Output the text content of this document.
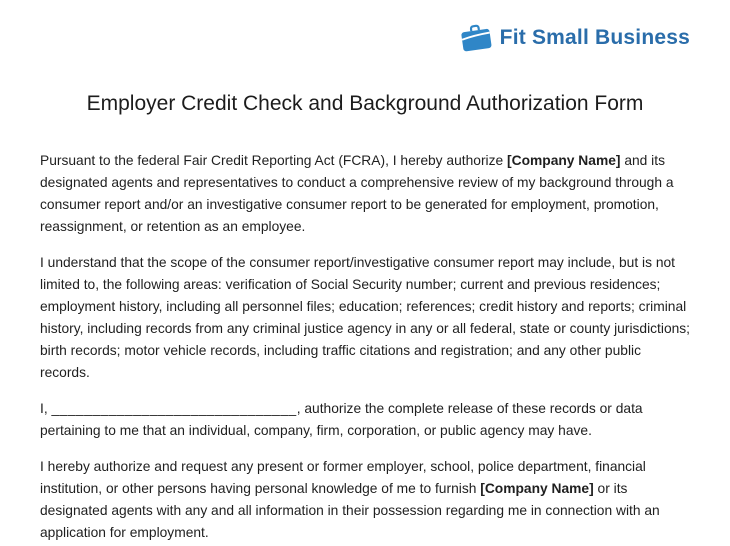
Fit Small Business
Employer Credit Check and Background Authorization Form

Pursuant to the federal Fair Credit Reporting Act (FCRA), I hereby authorize [Company Name] and its designated agents and representatives to conduct a comprehensive review of my background through a consumer report and/or an investigative consumer report to be generated for employment, promotion, reassignment, or retention as an employee.

I understand that the scope of the consumer report/investigative consumer report may include, but is not limited to, the following areas: verification of Social Security number; current and previous residences; employment history, including all personnel files; education; references; credit history and reports; criminal history, including records from any criminal justice agency in any or all federal, state or county jurisdictions; birth records; motor vehicle records, including traffic citations and registration; and any other public records.

I, ______________________________, authorize the complete release of these records or data pertaining to me that an individual, company, firm, corporation, or public agency may have.

I hereby authorize and request any present or former employer, school, police department, financial institution, or other persons having personal knowledge of me to furnish [Company Name] or its designated agents with any and all information in their possession regarding me in connection with an application for employment.
